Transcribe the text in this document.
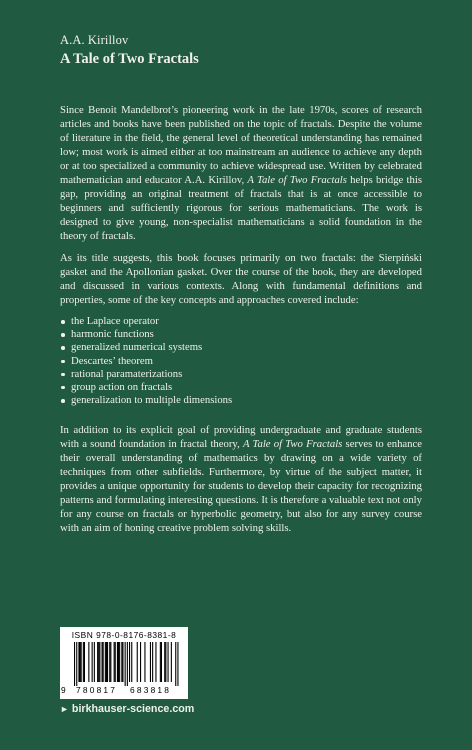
A.A. Kirillov
A Tale of Two Fractals

Since Benoit Mandelbrot’s pioneering work in the late 1970s, scores of research articles and books have been published on the topic of fractals. Despite the volume of literature in the field, the general level of theoretical understanding has remained low; most work is aimed either at too mainstream an audience to achieve any depth or at too specialized a community to achieve widespread use. Written by celebrated mathematician and educator A.A. Kirillov, A Tale of Two Fractals helps bridge this gap, providing an original treatment of fractals that is at once accessible to beginners and sufficiently rigorous for serious mathematicians. The work is designed to give young, non-specialist mathematicians a solid foundation in the theory of fractals.

As its title suggests, this book focuses primarily on two fractals: the Sierpiński gasket and the Apollonian gasket. Over the course of the book, they are developed and discussed in various contexts. Along with fundamental definitions and properties, some of the key concepts and approaches covered include:

the Laplace operator
harmonic functions
generalized numerical systems
Descartes’ theorem
rational paramaterizations
group action on fractals
generalization to multiple dimensions

In addition to its explicit goal of providing undergraduate and graduate students with a sound foundation in fractal theory, A Tale of Two Fractals serves to enhance their overall understanding of mathematics by drawing on a wide variety of techniques from other subfields. Furthermore, by virtue of the subject matter, it provides a unique opportunity for students to develop their capacity for recognizing patterns and formulating interesting questions. It is therefore a valuable text not only for any course on fractals or hyperbolic geometry, but also for any survey course with an aim of honing creative problem solving skills.

ISBN 978-0-8176-8381-8
9 780817 683818
► birkhauser-science.com
